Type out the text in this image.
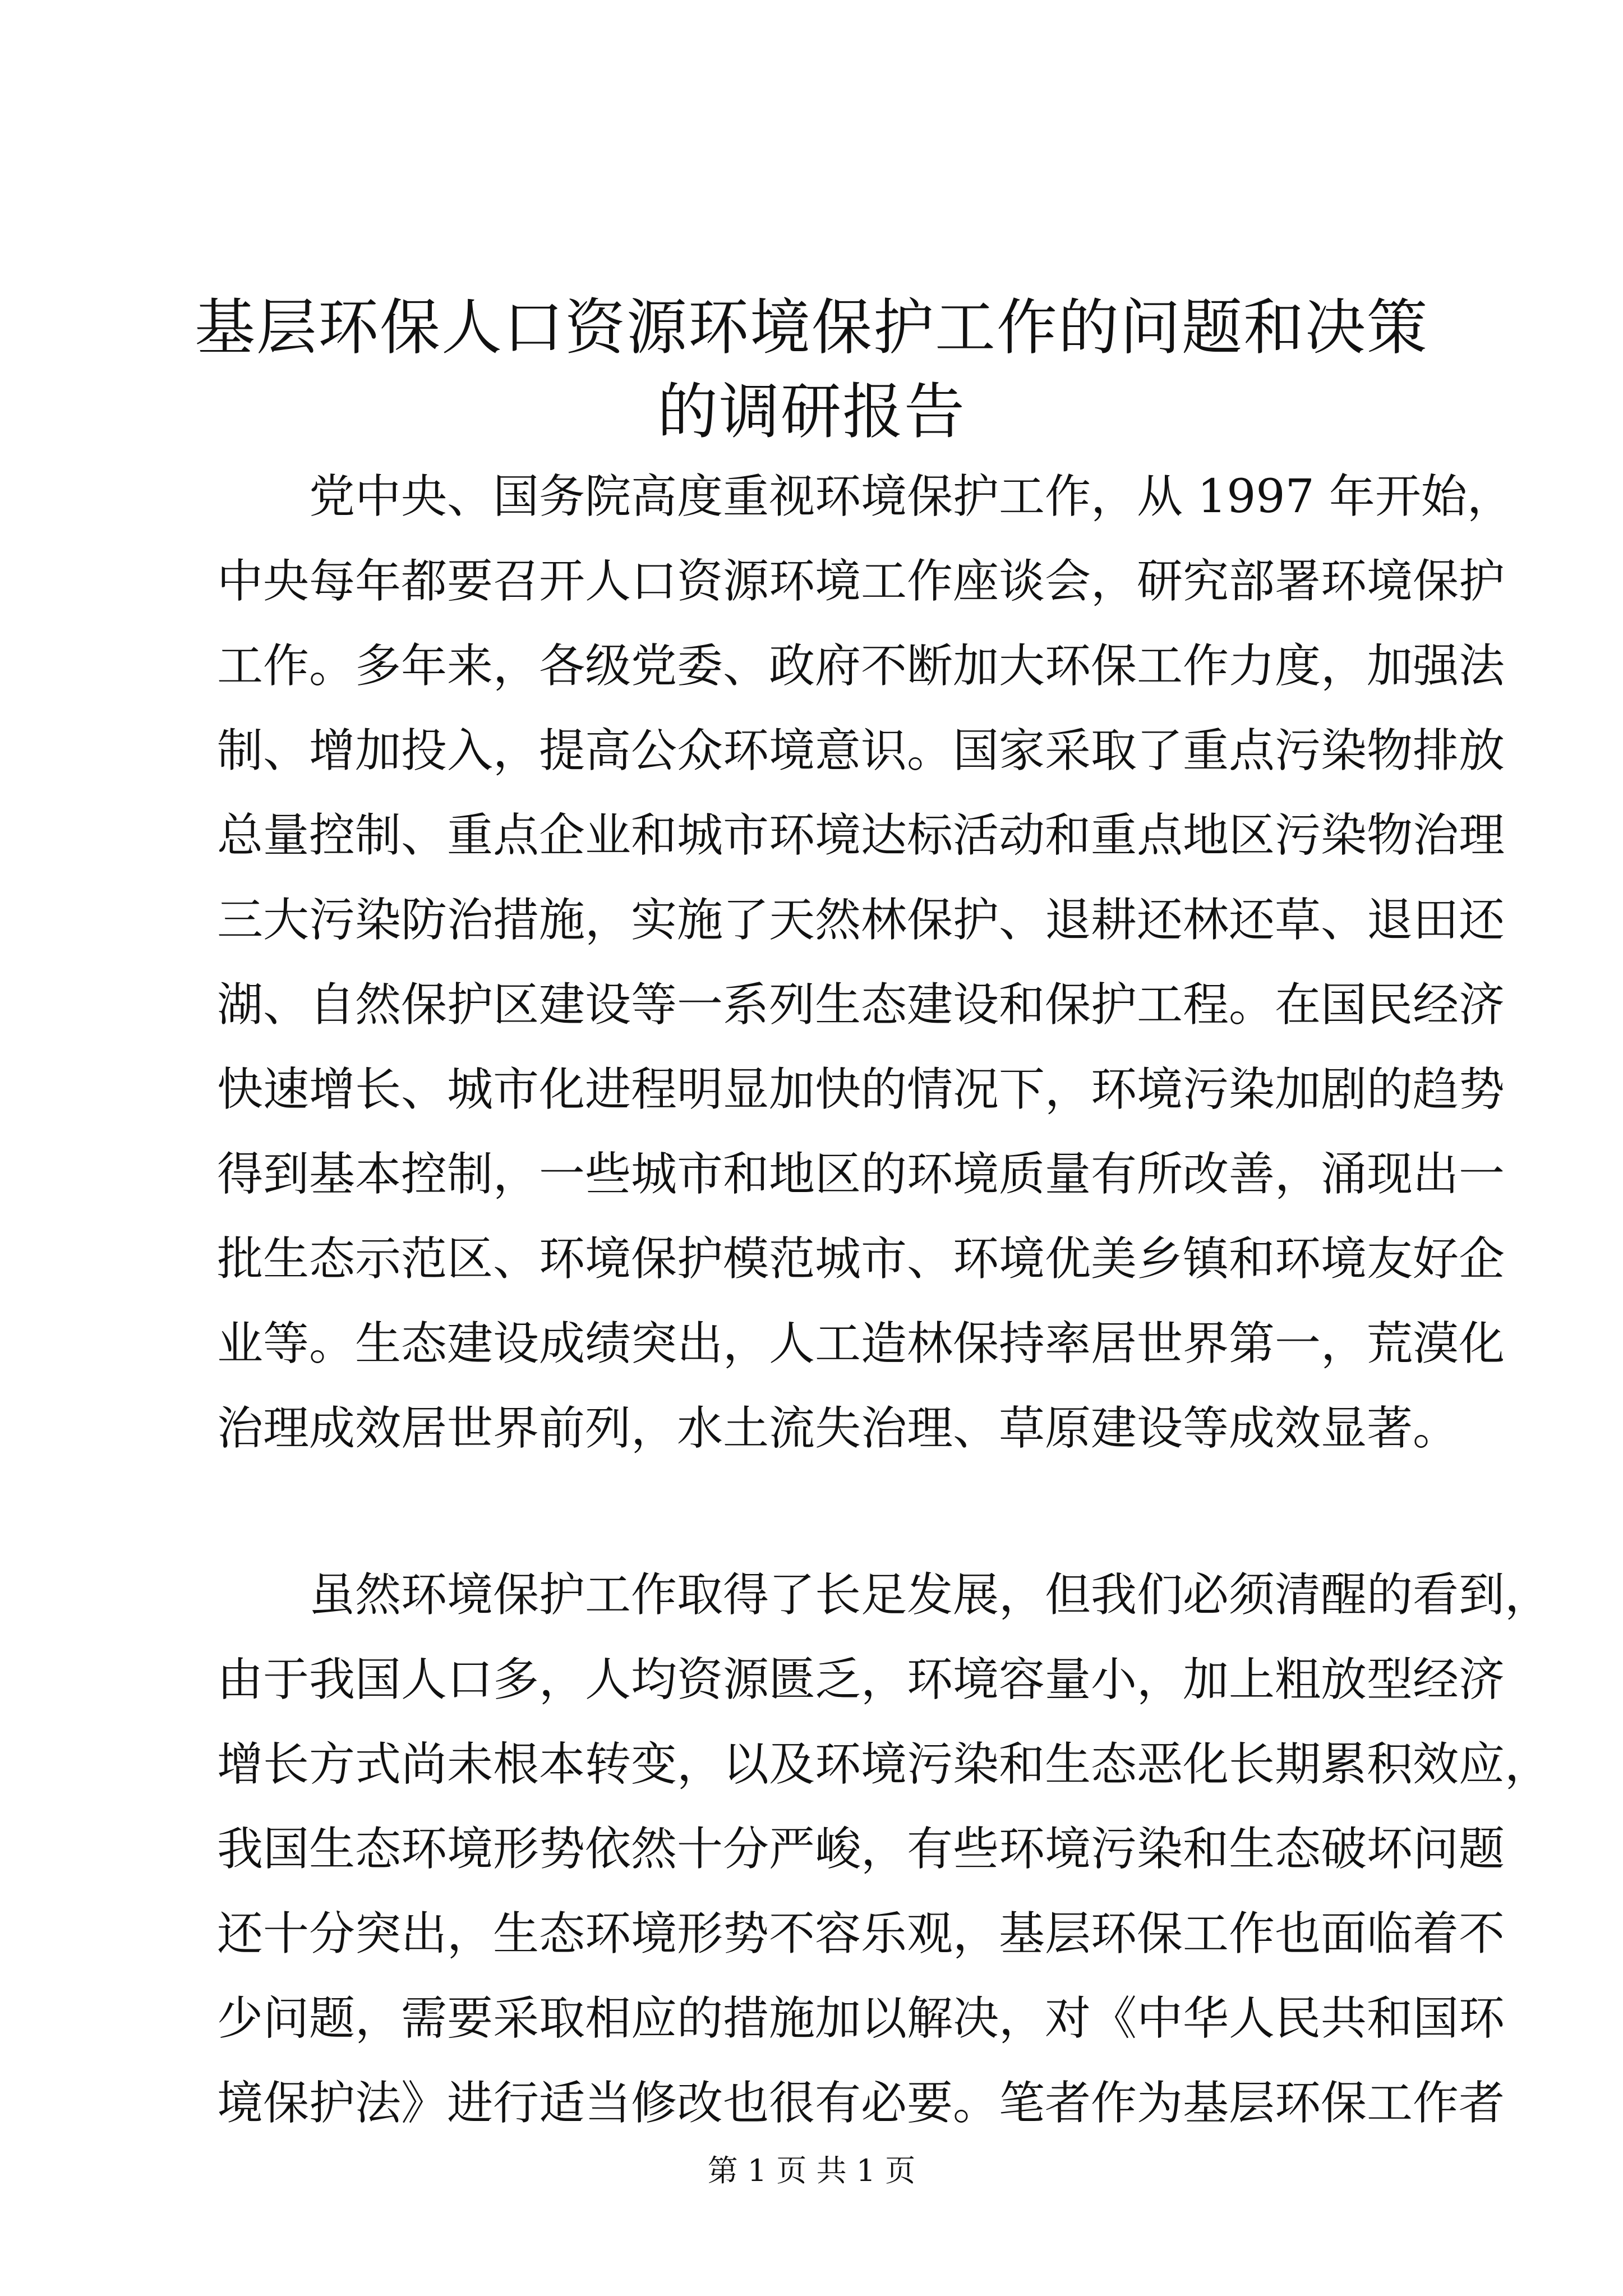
基层环保人口资源环境保护工作的问题和决策
的调研报告
党中央、国务院高度重视环境保护工作，从 1997 年开始，
中央每年都要召开人口资源环境工作座谈会，研究部署环境保护
工作。多年来，各级党委、政府不断加大环保工作力度，加强法
制、增加投入，提高公众环境意识。国家采取了重点污染物排放
总量控制、重点企业和城市环境达标活动和重点地区污染物治理
三大污染防治措施，实施了天然林保护、退耕还林还草、退田还
湖、自然保护区建设等一系列生态建设和保护工程。在国民经济
快速增长、城市化进程明显加快的情况下，环境污染加剧的趋势
得到基本控制，一些城市和地区的环境质量有所改善，涌现出一
批生态示范区、环境保护模范城市、环境优美乡镇和环境友好企
业等。生态建设成绩突出，人工造林保持率居世界第一，荒漠化
治理成效居世界前列，水土流失治理、草原建设等成效显著。
虽然环境保护工作取得了长足发展，但我们必须清醒的看到，
由于我国人口多，人均资源匮乏，环境容量小，加上粗放型经济
增长方式尚未根本转变，以及环境污染和生态恶化长期累积效应，
我国生态环境形势依然十分严峻，有些环境污染和生态破坏问题
还十分突出，生态环境形势不容乐观，基层环保工作也面临着不
少问题，需要采取相应的措施加以解决，对《中华人民共和国环
境保护法》进行适当修改也很有必要。笔者作为基层环保工作者
第 1 页 共 1 页
